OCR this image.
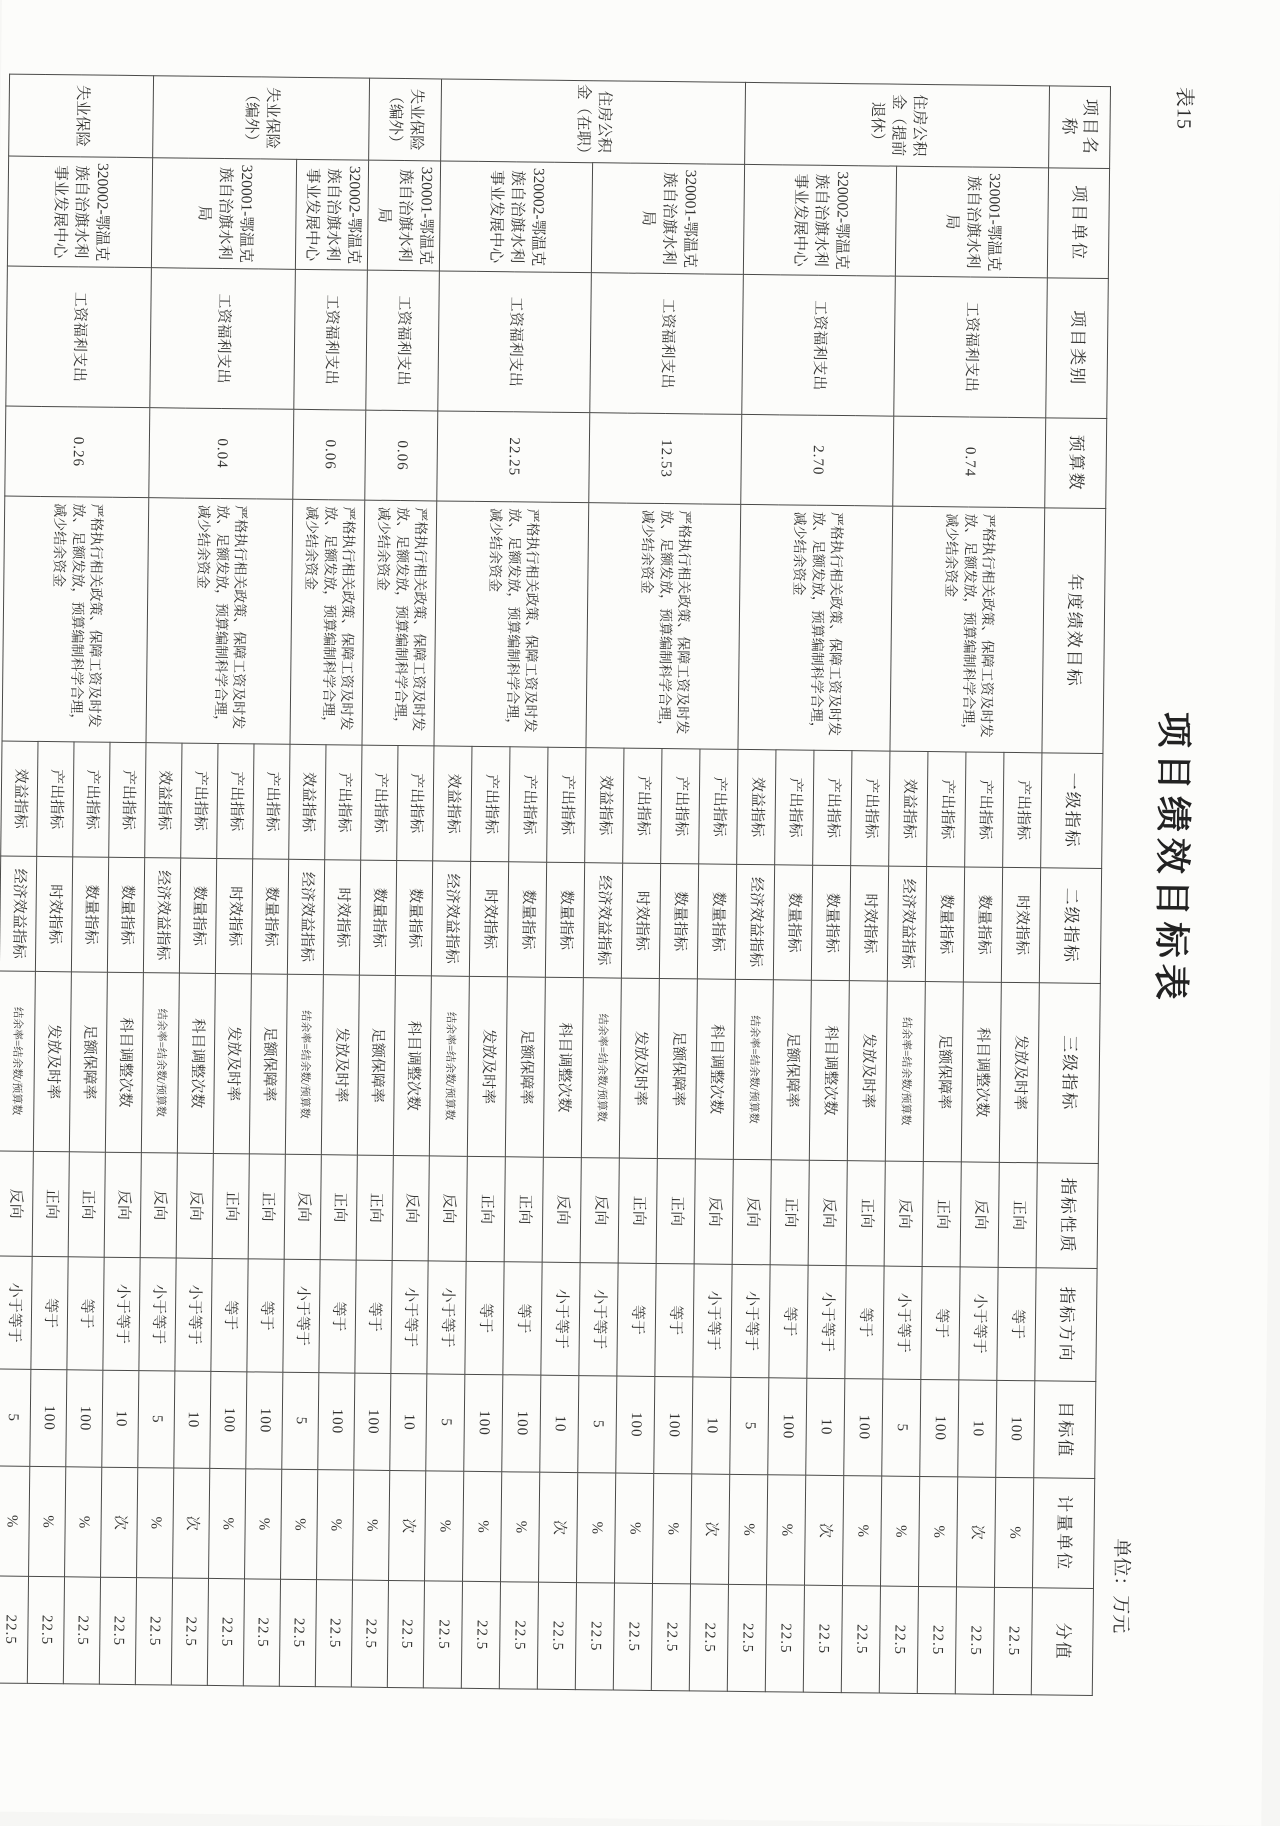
表15
项目绩效目标表
单位：万元
项目名称	项目单位	项目类别	预算数	年度绩效目标	一级指标	二级指标	三级指标	指标性质	指标方向	目标值	计量单位	分值
住房公积金（提前退休）	320001-鄂温克族自治旗水利局	工资福利支出	0.74	严格执行相关政策、保障工资及时发放、足额发放，预算编制科学合理，减少结余资金	产出指标	时效指标	发放及时率	正向	等于	100	%	22.5
					产出指标	数量指标	科目调整次数	反向	小于等于	10	次	22.5
					产出指标	数量指标	足额保障率	正向	等于	100	%	22.5
					效益指标	经济效益指标	结余率=结余数/预算数	反向	小于等于	5	%	22.5
	320002-鄂温克族自治旗水利事业发展中心	工资福利支出	2.70	严格执行相关政策、保障工资及时发放、足额发放，预算编制科学合理，减少结余资金	产出指标	时效指标	发放及时率	正向	等于	100	%	22.5
					产出指标	数量指标	科目调整次数	反向	小于等于	10	次	22.5
					产出指标	数量指标	足额保障率	正向	等于	100	%	22.5
					效益指标	经济效益指标	结余率=结余数/预算数	反向	小于等于	5	%	22.5
住房公积金（在职）	320001-鄂温克族自治旗水利局	工资福利支出	12.53	严格执行相关政策、保障工资及时发放、足额发放，预算编制科学合理，减少结余资金	产出指标	数量指标	科目调整次数	反向	小于等于	10	次	22.5
					产出指标	数量指标	足额保障率	正向	等于	100	%	22.5
					产出指标	时效指标	发放及时率	正向	等于	100	%	22.5
					效益指标	经济效益指标	结余率=结余数/预算数	反向	小于等于	5	%	22.5
	320002-鄂温克族自治旗水利事业发展中心	工资福利支出	22.25	严格执行相关政策、保障工资及时发放、足额发放，预算编制科学合理，减少结余资金	产出指标	数量指标	科目调整次数	反向	小于等于	10	次	22.5
					产出指标	数量指标	足额保障率	正向	等于	100	%	22.5
					产出指标	时效指标	发放及时率	正向	等于	100	%	22.5
					效益指标	经济效益指标	结余率=结余数/预算数	反向	小于等于	5	%	22.5
失业保险（编外）	320001-鄂温克族自治旗水利局	工资福利支出	0.06	严格执行相关政策、保障工资及时发放、足额发放，预算编制科学合理，减少结余资金	产出指标	数量指标	科目调整次数	反向	小于等于	10	次	22.5
					产出指标	数量指标	足额保障率	正向	等于	100	%	22.5
失业保险（编外）	320002-鄂温克族自治旗水利事业发展中心	工资福利支出	0.06	严格执行相关政策、保障工资及时发放、足额发放，预算编制科学合理，减少结余资金	产出指标	时效指标	发放及时率	正向	等于	100	%	22.5
					效益指标	经济效益指标	结余率=结余数/预算数	反向	小于等于	5	%	22.5
	320001-鄂温克族自治旗水利局	工资福利支出	0.04	严格执行相关政策、保障工资及时发放、足额发放，预算编制科学合理，减少结余资金	产出指标	数量指标	足额保障率	正向	等于	100	%	22.5
					产出指标	时效指标	发放及时率	正向	等于	100	%	22.5
					产出指标	数量指标	科目调整次数	反向	小于等于	10	次	22.5
					效益指标	经济效益指标	结余率=结余数/预算数	反向	小于等于	5	%	22.5
失业保险	320002-鄂温克族自治旗水利事业发展中心	工资福利支出	0.26	严格执行相关政策、保障工资及时发放、足额发放，预算编制科学合理，减少结余资金	产出指标	数量指标	科目调整次数	反向	小于等于	10	次	22.5
					产出指标	数量指标	足额保障率	正向	等于	100	%	22.5
					产出指标	时效指标	发放及时率	正向	等于	100	%	22.5
					效益指标	经济效益指标	结余率=结余数/预算数	反向	小于等于	5	%	22.5
